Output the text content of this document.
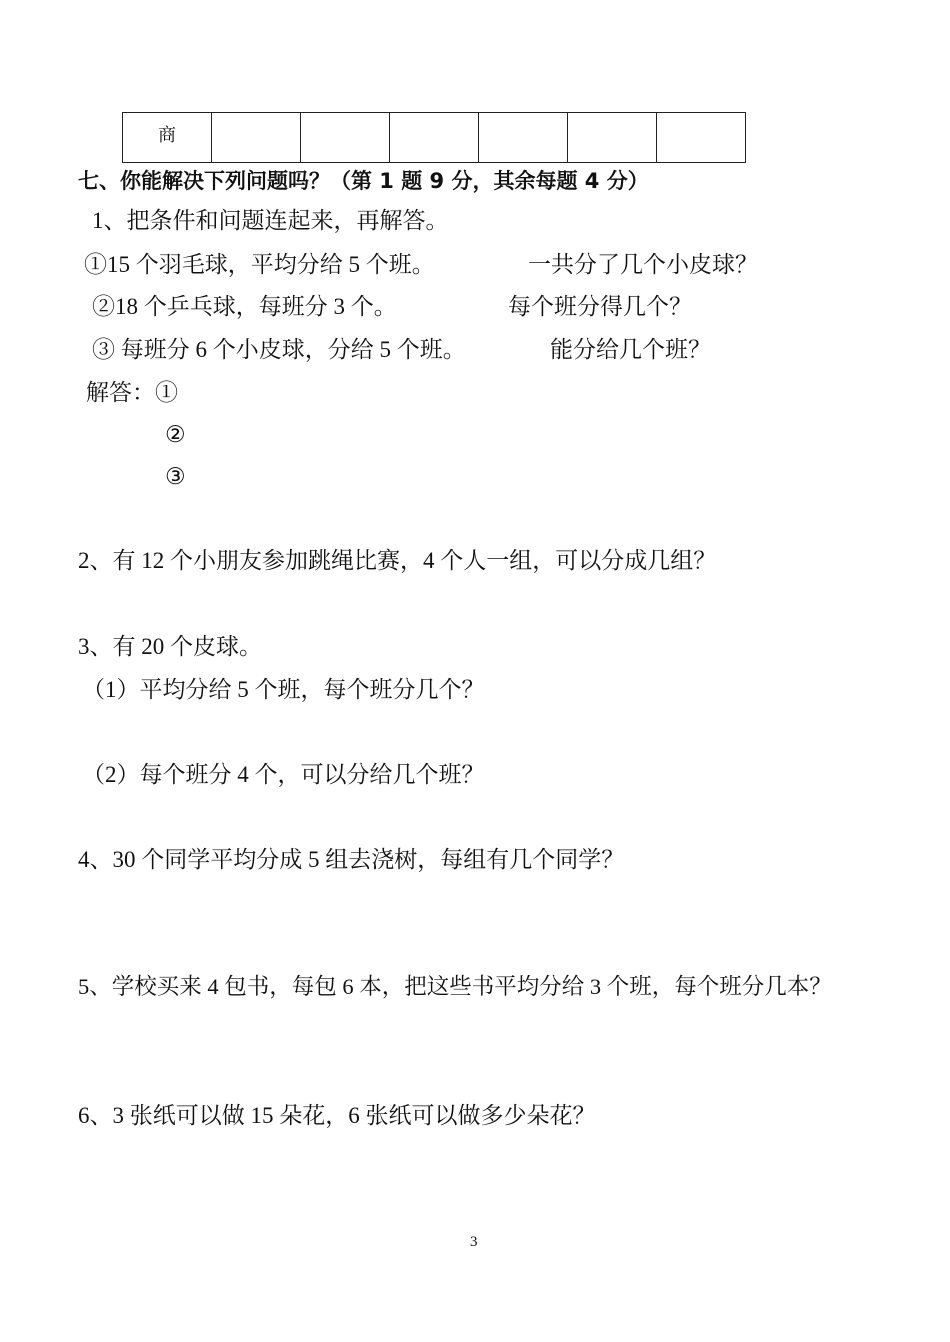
商						
七、你能解决下列问题吗？（第 1 题 9 分，其余每题 4 分）
1、把条件和问题连起来，再解答。
①15 个羽毛球，平均分给 5 个班。	一共分了几个小皮球？
②18 个乒乓球，每班分 3 个。	每个班分得几个？
③ 每班分 6 个小皮球，分给 5 个班。	能分给几个班？
解答：①
②
③
2、有 12 个小朋友参加跳绳比赛，4 个人一组，可以分成几组？
3、有 20 个皮球。
（1）平均分给 5 个班，每个班分几个？
（2）每个班分 4 个，可以分给几个班？
4、30 个同学平均分成 5 组去浇树，每组有几个同学？
5、学校买来 4 包书，每包 6 本，把这些书平均分给 3 个班，每个班分几本？
6、3 张纸可以做 15 朵花，6 张纸可以做多少朵花？
3
